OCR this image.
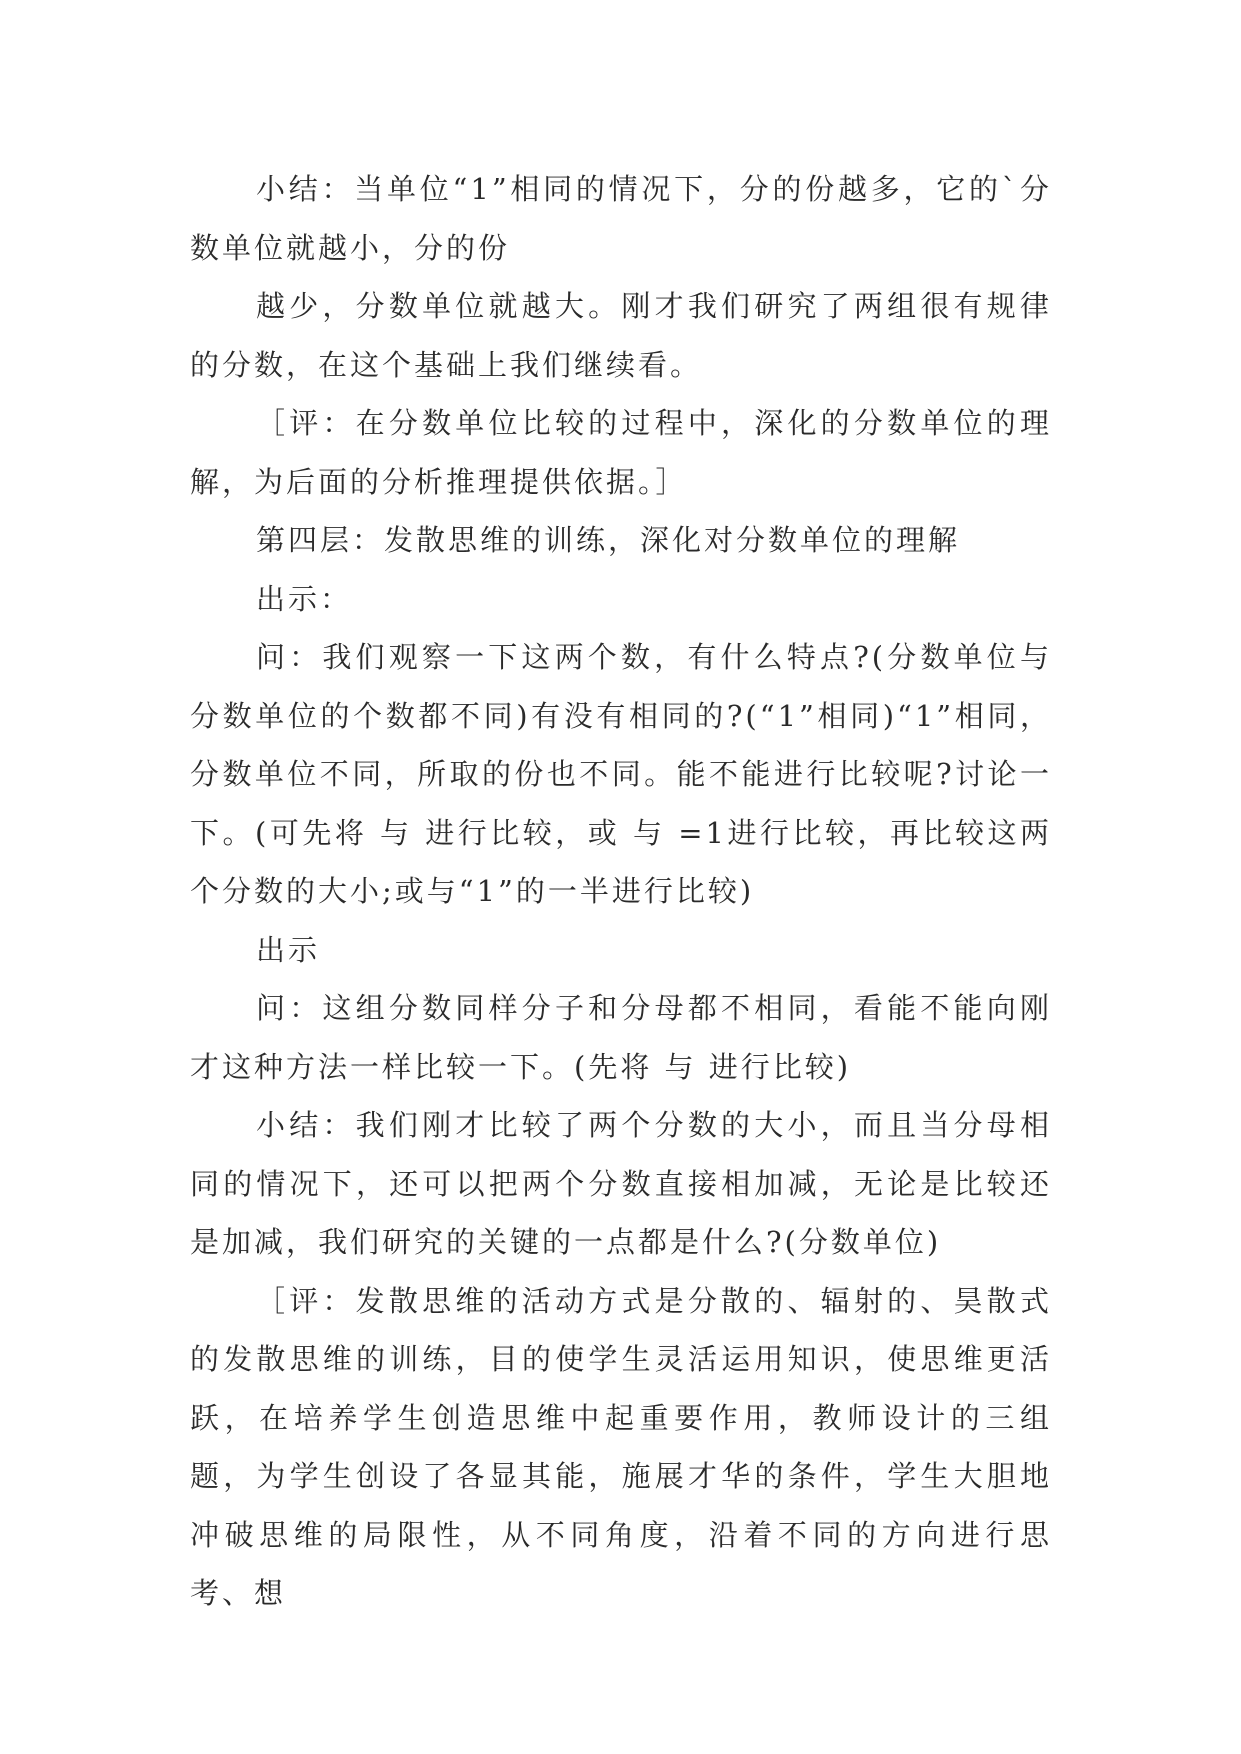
小结：当单位“1”相同的情况下，分的份越多，它的`分数单位就越小，分的份

越少，分数单位就越大。刚才我们研究了两组很有规律的分数，在这个基础上我们继续看。

［评：在分数单位比较的过程中，深化的分数单位的理解，为后面的分析推理提供依据。］

第四层：发散思维的训练，深化对分数单位的理解

出示：

问：我们观察一下这两个数，有什么特点?(分数单位与分数单位的个数都不同)有没有相同的?(“1”相同)“1”相同，分数单位不同，所取的份也不同。能不能进行比较呢?讨论一下。(可先将 与 进行比较，或 与 =1进行比较，再比较这两个分数的大小;或与“1”的一半进行比较)

出示

问：这组分数同样分子和分母都不相同，看能不能向刚才这种方法一样比较一下。(先将 与 进行比较)

小结：我们刚才比较了两个分数的大小，而且当分母相同的情况下，还可以把两个分数直接相加减，无论是比较还是加减，我们研究的关键的一点都是什么?(分数单位)

［评：发散思维的活动方式是分散的、辐射的、昊散式的发散思维的训练，目的使学生灵活运用知识，使思维更活跃，在培养学生创造思维中起重要作用，教师设计的三组题，为学生创设了各显其能，施展才华的条件，学生大胆地冲破思维的局限性，从不同角度，沿着不同的方向进行思考、想
